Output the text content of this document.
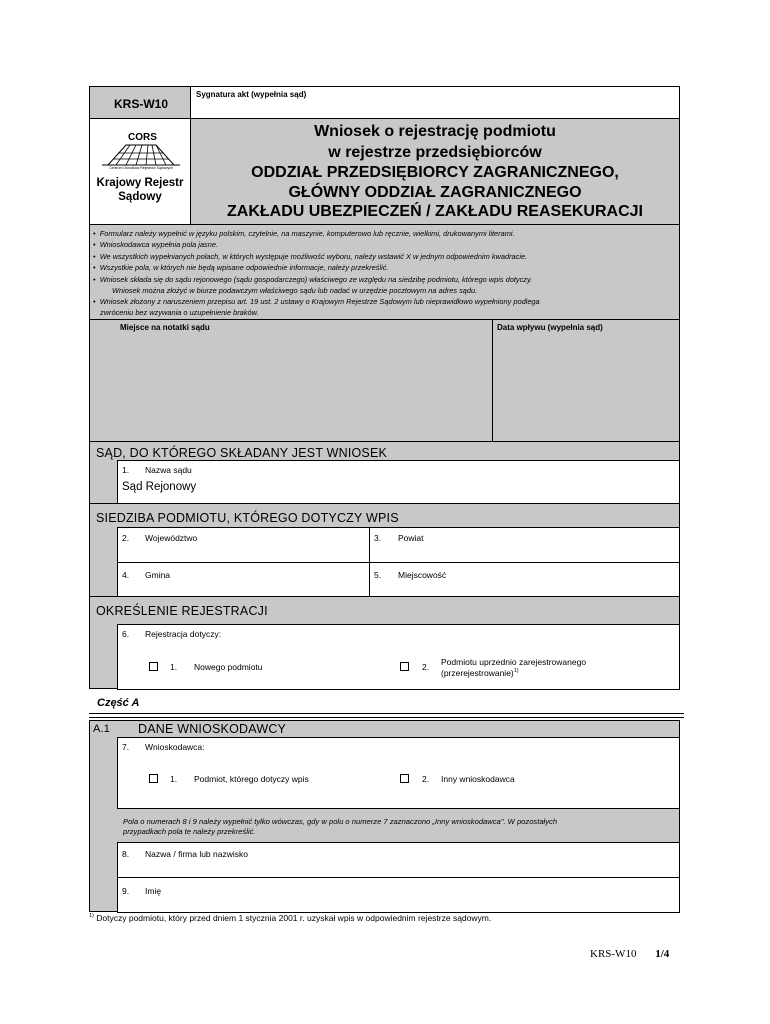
KRS-W10
Sygnatura akt (wypełnia sąd)
CORS
Centrum Ośrodków Rejestrów Sądowych
Krajowy Rejestr
Sądowy
Wniosek o rejestrację podmiotu
w rejestrze przedsiębiorców
ODDZIAŁ PRZEDSIĘBIORCY ZAGRANICZNEGO,
GŁÓWNY ODDZIAŁ ZAGRANICZNEGO
ZAKŁADU UBEZPIECZEŃ / ZAKŁADU REASEKURACJI
•  Formularz należy wypełnić w języku polskim, czytelnie, na maszynie, komputerowo lub ręcznie, wielkimi, drukowanymi literami.
•  Wnioskodawca wypełnia pola jasne.
•  We wszystkich wypełnianych polach, w których występuje możliwość wyboru, należy wstawić X w jednym odpowiednim kwadracie.
•  Wszystkie pola, w których nie będą wpisane odpowiednie informacje, należy przekreślić.
•  Wniosek składa się do sądu rejonowego (sądu gospodarczego) właściwego ze względu na siedzibę podmiotu, którego wpis dotyczy.
Wniosek można złożyć w biurze podawczym właściwego sądu lub nadać w urzędzie pocztowym na adres sądu.
•  Wniosek złożony z naruszeniem przepisu art. 19 ust. 2 ustawy o Krajowym Rejestrze Sądowym lub nieprawidłowo wypełniony podlega
zwróceniu bez wzywania o uzupełnienie braków.
Miejsce na notatki sądu	Data wpływu (wypełnia sąd)
SĄD, DO KTÓREGO SKŁADANY JEST WNIOSEK
1. Nazwa sądu
Sąd Rejonowy
SIEDZIBA PODMIOTU, KTÓREGO DOTYCZY WPIS
2. Województwo	3. Powiat
4. Gmina	5. Miejscowość
OKREŚLENIE REJESTRACJI
6. Rejestracja dotyczy:
1. Nowego podmiotu	2. Podmiotu uprzednio zarejestrowanego
(przerejestrowanie)$^{1)}$
Część A
A.1 DANE WNIOSKODAWCY
7. Wnioskodawca:
1. Podmiot, którego dotyczy wpis	2. Inny wnioskodawca
Pola o numerach 8 i 9 należy wypełnić tylko wówczas, gdy w polu o numerze 7 zaznaczono „Inny wnioskodawca". W pozostałych
przypadkach pola te należy przekreślić.
8. Nazwa / firma lub nazwisko
9. Imię
$^{1)}$ Dotyczy podmiotu, który przed dniem 1 stycznia 2001 r. uzyskał wpis w odpowiednim rejestrze sądowym.
KRS-W10 1/4
